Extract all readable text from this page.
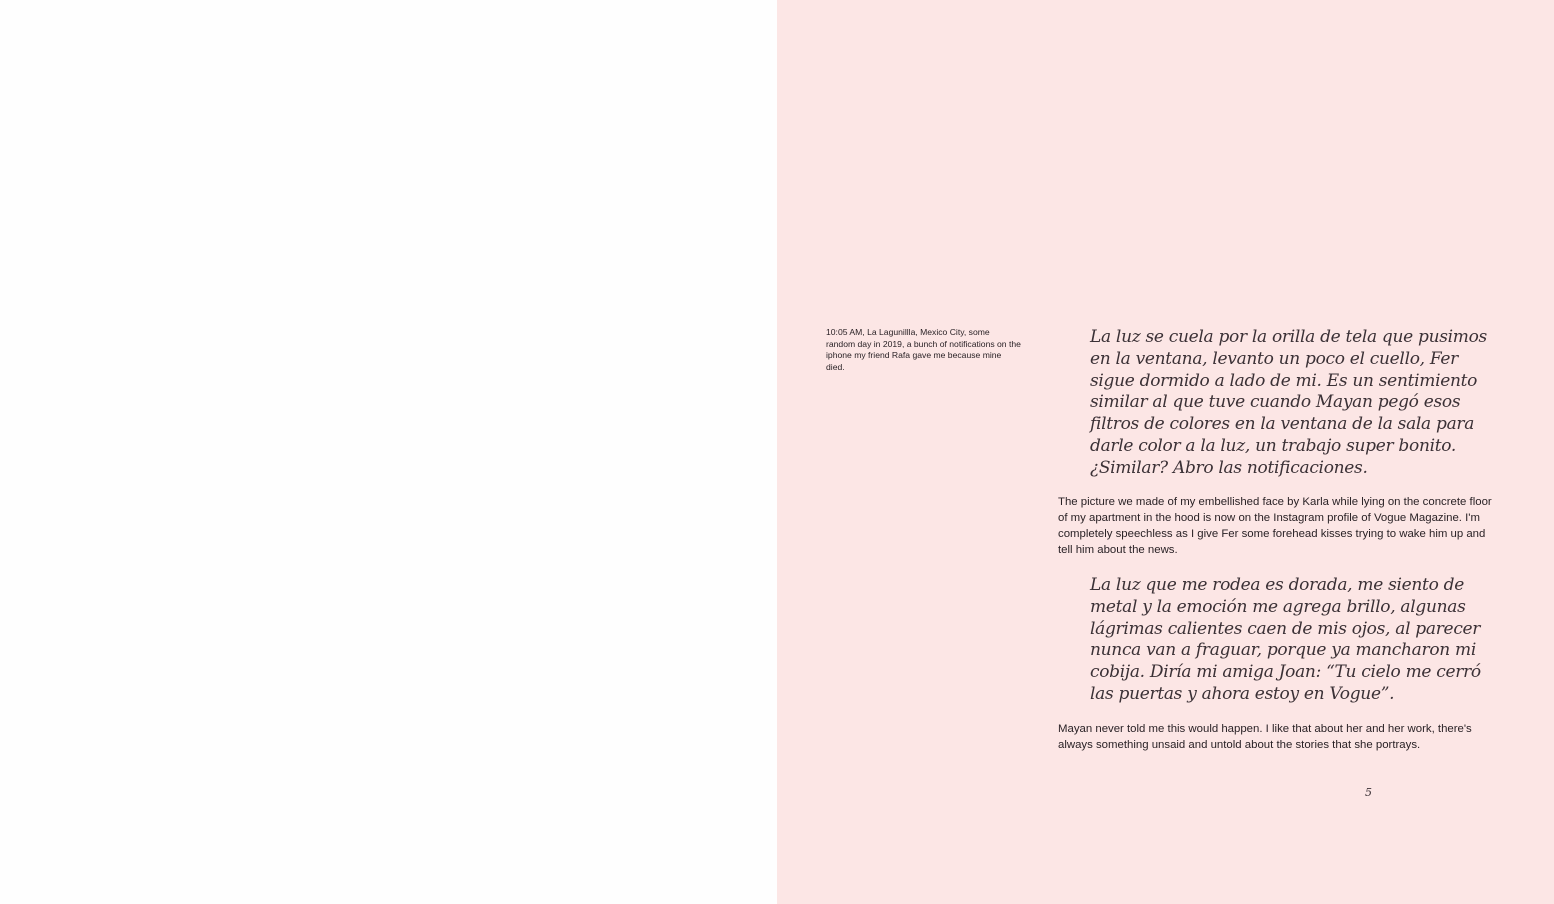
10:05 AM, La Lagunillla, Mexico City, some random day in 2019, a bunch of notifications on the iphone my friend Rafa gave me because mine died.

La luz se cuela por la orilla de tela que pusimos en la ventana, levanto un poco el cuello, Fer sigue dormido a lado de mi. Es un sentimiento similar al que tuve cuando Mayan pegó esos filtros de colores en la ventana de la sala para darle color a la luz, un trabajo super bonito. ¿Similar? Abro las notificaciones.

The picture we made of my embellished face by Karla while lying on the concrete floor of my apartment in the hood is now on the Instagram profile of Vogue Magazine. I'm completely speechless as I give Fer some forehead kisses trying to wake him up and tell him about the news.

La luz que me rodea es dorada, me siento de metal y la emoción me agrega brillo, algunas lágrimas calientes caen de mis ojos, al parecer nunca van a fraguar, porque ya mancharon mi cobija. Diría mi amiga Joan: “Tu cielo me cerró las puertas y ahora estoy en Vogue”.

Mayan never told me this would happen. I like that about her and her work, there's always something unsaid and untold about the stories that she portrays.

5
